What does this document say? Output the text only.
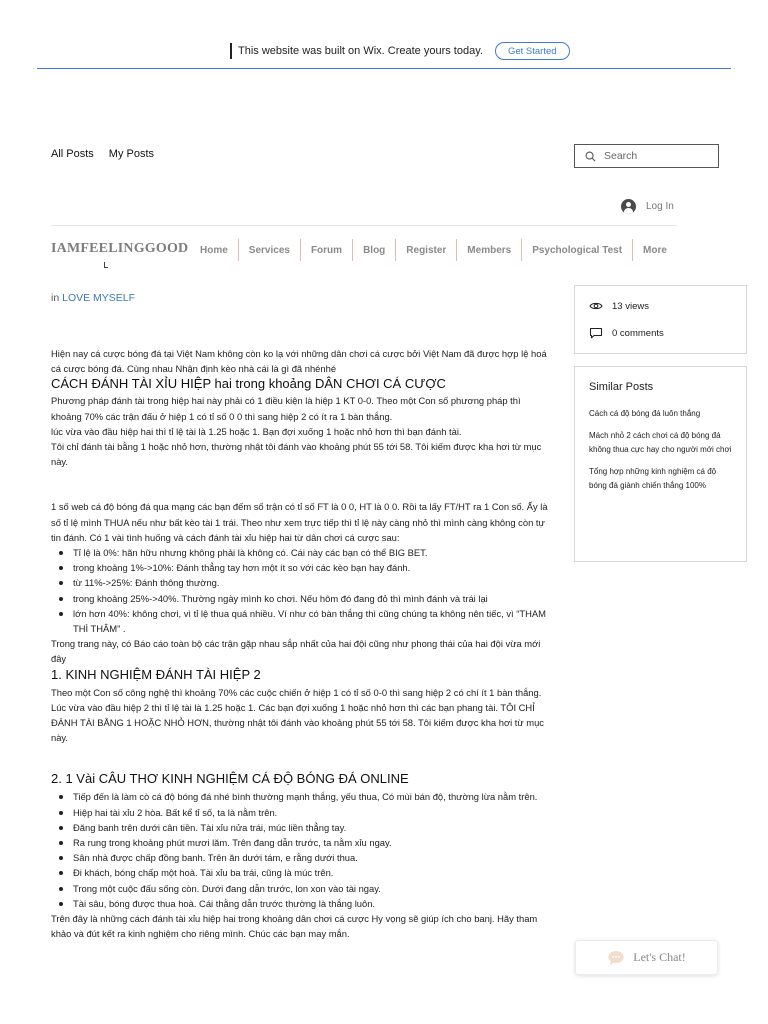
This website was built on Wix. Create yours today.	Get Started
All Posts My Posts	Search
Log In
IAMFEELINGGOOD	Home	Services	Forum	Blog	Register	Members	Psychological Test	More
in LOVE MYSELF

Hiện nay cá cược bóng đá tại Việt Nam không còn ko lạ với những dân chơi cá cược bởi Việt Nam đã được hợp lệ hoá cá cược bóng đá. Cùng nhau Nhận định kèo nhà cái là gì đã nhénhé

CÁCH ĐÁNH TÀI XỈU HIỆP hai trong khoảng DÂN CHƠI CÁ CƯỢC

Phương pháp đánh tài trong hiệp hai này phải có 1 điều kiện là hiệp 1 KT 0-0. Theo một Con số phương pháp thì khoảng 70% các trận đấu ở hiệp 1 có tỉ số 0 0 thì sang hiệp 2 có ít ra 1 bàn thắng.

lúc vừa vào đầu hiệp hai thì tỉ lệ tài là 1.25 hoặc 1. Bạn đợi xuống 1 hoặc nhỏ hơn thì bạn đánh tài.

Tôi chỉ đánh tài bằng 1 hoặc nhỏ hơn, thường nhật tôi đánh vào khoảng phút 55 tới 58. Tôi kiếm được kha hơi từ mục này.

1 số web cá độ bóng đá qua mạng các bạn đếm số trận có tỉ số FT là 0 0, HT là 0 0. Rồi ta lấy FT/HT ra 1 Con số. Ấy là số tỉ lệ mình THUA nếu như bất kèo tài 1 trái. Theo như xem trực tiếp thì tỉ lệ này càng nhỏ thì mình càng không còn tự tin đánh. Có 1 vài tình huống và cách đánh tài xỉu hiệp hai từ dân chơi cá cược sau:

Tỉ lệ là 0%: hãn hữu nhưng không phải là không có. Cái này các bạn có thể BIG BET.
trong khoảng 1%->10%: Đánh thẳng tay hơn một ít so với các kèo bạn hay đánh.
từ 11%->25%: Đánh thông thường.
trong khoảng 25%->40%. Thường ngày mình ko chơi. Nếu hôm đó đang đỏ thì mình đánh và trái lại
lớn hơn 40%: không chơi, vì tỉ lệ thua quá nhiều. Ví như có bàn thắng thì cũng chúng ta không nên tiếc, vì “THAM THÌ THÂM” .

Trong trang này, có Báo cáo toàn bộ các trận gặp nhau sắp nhất của hai đội cũng như phong thái của hai đội vừa mới đây

1. KINH NGHIỆM ĐÁNH TÀI HIỆP 2

Theo một Con số công nghệ thì khoảng 70% các cuộc chiến ở hiệp 1 có tỉ số 0-0 thì sang hiệp 2 có chí ít 1 bàn thắng. Lúc vừa vào đầu hiệp 2 thì tỉ lệ tài là 1.25 hoặc 1. Các bạn đợi xuống 1 hoặc nhỏ hơn thì các bạn phang tài. TÔI CHỈ ĐÁNH TÀI BẰNG 1 HOẶC NHỎ HƠN, thường nhật tôi đánh vào khoảng phút 55 tới 58. Tôi kiếm được kha hơi từ mục này.

2. 1 Vài CÂU THƠ KINH NGHIỆM CÁ ĐỘ BÓNG ĐÁ ONLINE
Tiếp đến là làm cò cá độ bóng đá nhé bình thường mạnh thắng, yếu thua, Có mùi bán độ, thường lừa nằm trên.
Hiệp hai tài xỉu 2 hòa. Bất kể tỉ số, ta là nằm trên.
Đăng banh trên dưới cân tiền. Tài xỉu nửa trái, múc liền thẳng tay.
Ra rung trong khoảng phút mươi lăm. Trên đang dẫn trước, ta nằm xỉu ngay.
Sân nhà được chấp đồng banh. Trên ăn dưới tám, e rằng dưới thua.
Đi khách, bóng chấp một hoà. Tài xỉu ba trái, cũng là múc trên.
Trong một cuộc đấu sống còn. Dưới đang dẫn trước, lon xon vào tài ngay.
Tài sâu, bóng được thua hoà. Cái thằng dẫn trước thường là thắng luôn.

Trên đây là những cách đánh tài xỉu hiệp hai trong khoảng dân chơi cá cược Hy vọng sẽ giúp ích cho banj. Hãy tham khảo và đút kết ra kinh nghiệm cho riêng mình. Chúc các bạn may mắn.

13 views
0 comments
Similar Posts
Cách cá độ bóng đá luôn thắng
Mách nhỏ 2 cách chơi cá độ bóng đá không thua cực hay cho người mới chơi
Tổng hợp những kinh nghiệm cá độ bóng đá giành chiến thắng 100%
Let's Chat!
